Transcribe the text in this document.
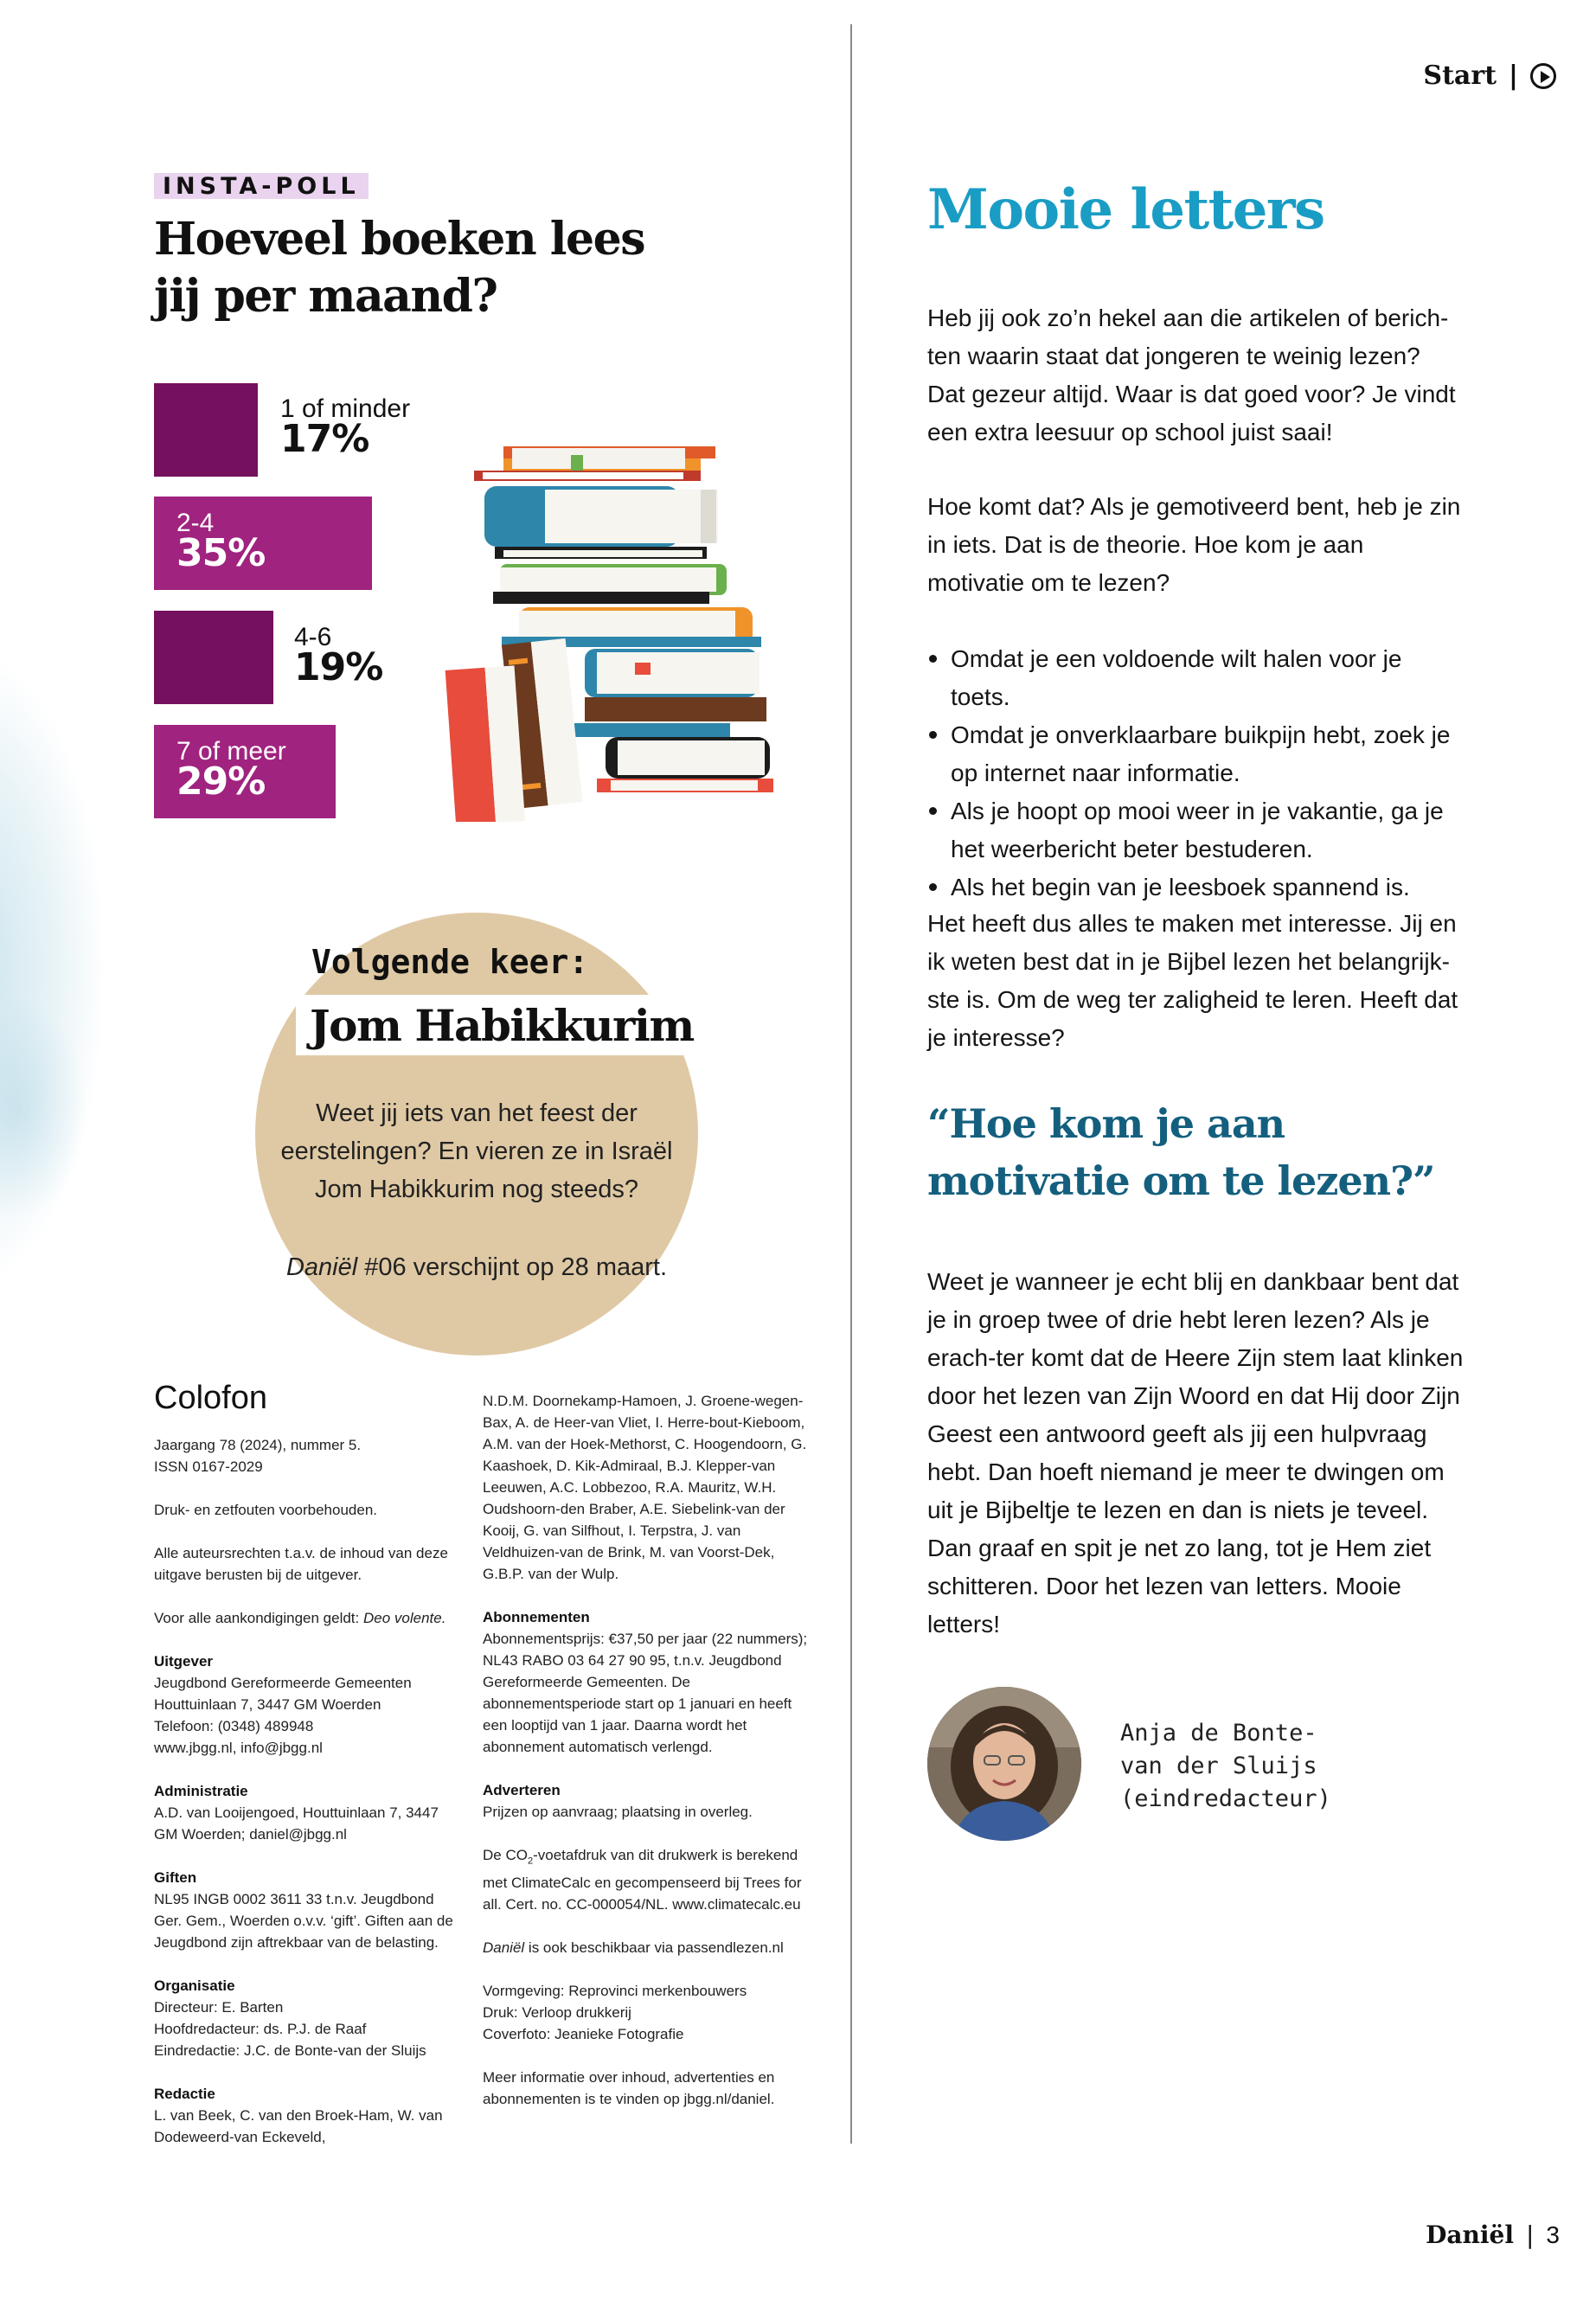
Start |
INSTA-POLL
Hoeveel boeken lees jij per maand?
1 of minder
17%
2-4
35%
4-6
19%
7 of meer
29%
Volgende keer:
Jom Habikkurim
Weet jij iets van het feest der eerstelingen? En vieren ze in Israël Jom Habikkurim nog steeds?
Daniël #06 verschijnt op 28 maart.
Colofon

Jaargang 78 (2024), nummer 5.
ISSN 0167-2029

Druk- en zetfouten voorbehouden.

Alle auteursrechten t.a.v. de inhoud van deze uitgave berusten bij de uitgever.

Voor alle aankondigingen geldt: Deo volente.

Uitgever
Jeugdbond Gereformeerde Gemeenten
Houttuinlaan 7, 3447 GM Woerden
Telefoon: (0348) 489948
www.jbgg.nl, info@jbgg.nl

Administratie
A.D. van Looijengoed, Houttuinlaan 7, 3447 GM Woerden; daniel@jbgg.nl

Giften
NL95 INGB 0002 3611 33 t.n.v. Jeugdbond Ger. Gem., Woerden o.v.v. ‘gift’. Giften aan de Jeugdbond zijn aftrekbaar van de belasting.

Organisatie
Directeur: E. Barten
Hoofdredacteur: ds. P.J. de Raaf
Eindredactie: J.C. de Bonte-van der Sluijs

Redactie
L. van Beek, C. van den Broek-Ham, W. van Dodeweerd-van Eckeveld,

N.D.M. Doornekamp-Hamoen, J. Groene-wegen-Bax, A. de Heer-van Vliet, I. Herre-bout-Kieboom, A.M. van der Hoek-Methorst, C. Hoogendoorn, G. Kaashoek, D. Kik-Admiraal, B.J. Klepper-van Leeuwen, A.C. Lobbezoo, R.A. Mauritz, W.H. Oudshoorn-den Braber, A.E. Siebelink-van der Kooij, G. van Silfhout, I. Terpstra, J. van Veldhuizen-van de Brink, M. van Voorst-Dek, G.B.P. van der Wulp.

Abonnementen
Abonnementsprijs: €37,50 per jaar (22 nummers); NL43 RABO 03 64 27 90 95, t.n.v. Jeugdbond Gereformeerde Gemeenten. De abonnementsperiode start op 1 januari en heeft een looptijd van 1 jaar. Daarna wordt het abonnement automatisch verlengd.

Adverteren
Prijzen op aanvraag; plaatsing in overleg.

De $CO_2$-voetafdruk van dit drukwerk is berekend met ClimateCalc en gecompenseerd bij Trees for all. Cert. no. CC-000054/NL. www.climatecalc.eu

Daniël is ook beschikbaar via passendlezen.nl

Vormgeving: Reprovinci merkenbouwers
Druk: Verloop drukkerij
Coverfoto: Jeanieke Fotografie

Meer informatie over inhoud, advertenties en abonnementen is te vinden op jbgg.nl/daniel.

Mooie letters
Heb jij ook zo’n hekel aan die artikelen of berich-ten waarin staat dat jongeren te weinig lezen? Dat gezeur altijd. Waar is dat goed voor? Je vindt een extra leesuur op school juist saai!
Hoe komt dat? Als je gemotiveerd bent, heb je zin in iets. Dat is de theorie. Hoe kom je aan motivatie om te lezen?
Omdat je een voldoende wilt halen voor je toets.
Omdat je onverklaarbare buikpijn hebt, zoek je op internet naar informatie.
Als je hoopt op mooi weer in je vakantie, ga je het weerbericht beter bestuderen.
Als het begin van je leesboek spannend is.
Het heeft dus alles te maken met interesse. Jij en ik weten best dat in je Bijbel lezen het belangrijk-ste is. Om de weg ter zaligheid te leren. Heeft dat je interesse?
“Hoe kom je aan motivatie om te lezen?”
Weet je wanneer je echt blij en dankbaar bent dat je in groep twee of drie hebt leren lezen? Als je erach-ter komt dat de Heere Zijn stem laat klinken door het lezen van Zijn Woord en dat Hij door Zijn Geest een antwoord geeft als jij een hulpvraag hebt. Dan hoeft niemand je meer te dwingen om uit je Bijbeltje te lezen en dan is niets je teveel. Dan graaf en spit je net zo lang, tot je Hem ziet schitteren. Door het lezen van letters. Mooie letters!
Anja de Bonte-
van der Sluijs
(eindredacteur)
Daniël | 3
